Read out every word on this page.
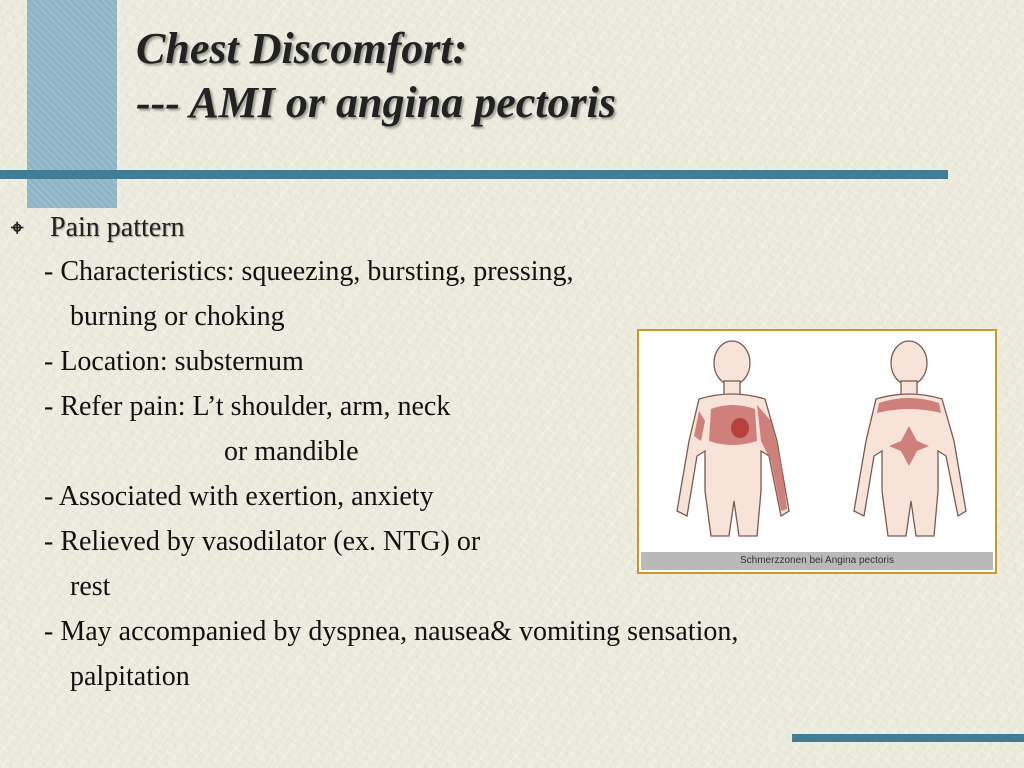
Chest Discomfort:
--- AMI or angina pectoris
⌖ Pain pattern
- Characteristics: squeezing, bursting, pressing,
burning or choking
- Location: substernum
- Refer pain: L’t shoulder, arm, neck
or mandible
- Associated with exertion, anxiety
- Relieved by vasodilator (ex. NTG) or
rest
- May accompanied by dyspnea, nausea& vomiting sensation,
palpitation
Schmerzzonen bei Angina pectoris
